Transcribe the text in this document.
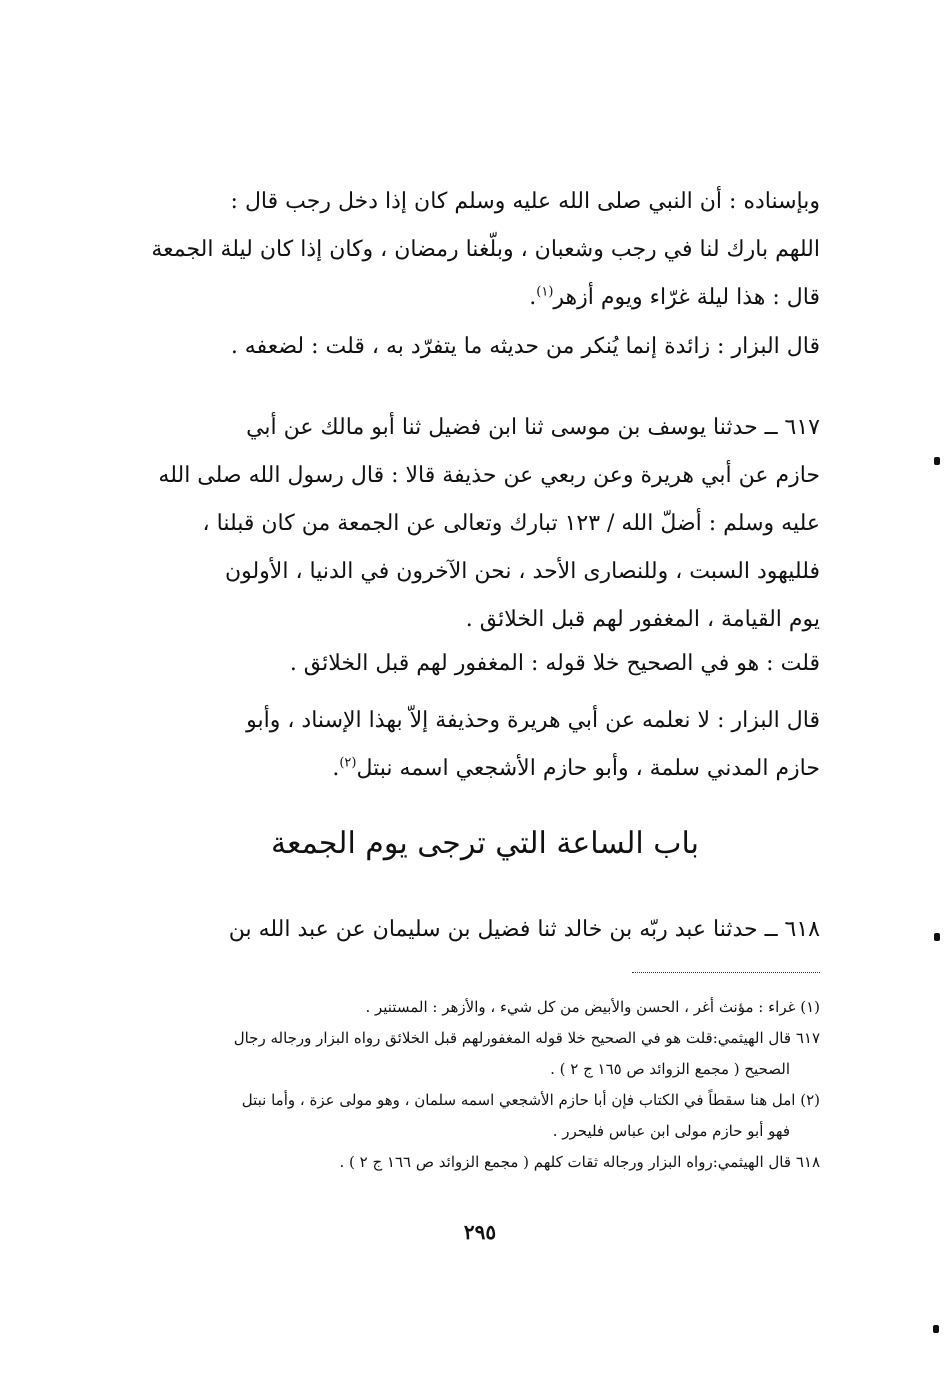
وبإسناده : أن النبي صلى الله عليه وسلم كان إذا دخل رجب قال :
اللهم بارك لنا في رجب وشعبان ، وبلّغنا رمضان ، وكان إذا كان ليلة الجمعة
قال : هذا ليلة غرّاء ويوم أزهر$^{(١)}$.
قال البزار : زائدة إنما يُنكر من حديثه ما يتفرّد به ، قلت : لضعفه .
٦١٧ ــ حدثنا يوسف بن موسى ثنا ابن فضيل ثنا أبو مالك عن أبي
حازم عن أبي هريرة وعن ربعي عن حذيفة قالا : قال رسول الله صلى الله
عليه وسلم : أضلّ الله / ١٢٣ تبارك وتعالى عن الجمعة من كان قبلنا ،
فلليهود السبت ، وللنصارى الأحد ، نحن الآخرون في الدنيا ، الأولون
يوم القيامة ، المغفور لهم قبل الخلائق .
قلت : هو في الصحيح خلا قوله : المغفور لهم قبل الخلائق .
قال البزار : لا نعلمه عن أبي هريرة وحذيفة إلاّ بهذا الإسناد ، وأبو
حازم المدني سلمة ، وأبو حازم الأشجعي اسمه نبتل$^{(٢)}$.
باب الساعة التي ترجى يوم الجمعة
٦١٨ ــ حدثنا عبد ربّه بن خالد ثنا فضيل بن سليمان عن عبد الله بن
(١) غراء : مؤنث أغر ، الحسن والأبيض من كل شيء ، والأزهر : المستنير .
٦١٧ قال الهيثمي:قلت هو في الصحيح خلا قوله المغفورلهم قبل الخلائق رواه البزار ورجاله رجال
الصحيح ( مجمع الزوائد ص ١٦٥ ج ٢ ) .
(٢) امل هنا سقطاً في الكتاب فإن أبا حازم الأشجعي اسمه سلمان ، وهو مولى عزة ، وأما نبتل
فهو أبو حازم مولى ابن عباس فليحرر .
٦١٨ قال الهيثمي:رواه البزار ورجاله ثقات كلهم ( مجمع الزوائد ص ١٦٦ ج ٢ ) .
٢٩٥
